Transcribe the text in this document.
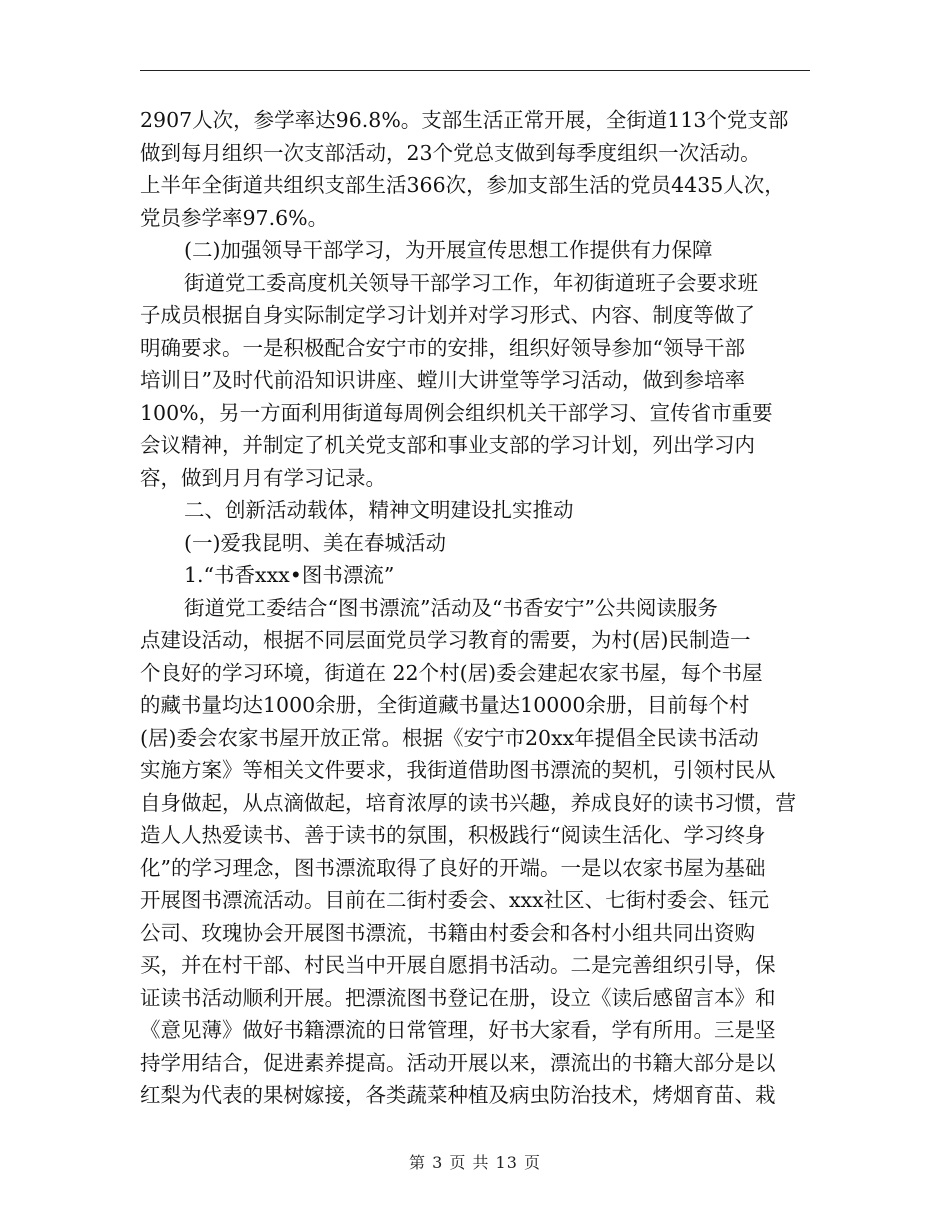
2907人次，参学率达96.8%。支部生活正常开展，全街道113个党支部
做到每月组织一次支部活动，23个党总支做到每季度组织一次活动。
上半年全街道共组织支部生活366次，参加支部生活的党员4435人次，
党员参学率97.6%。
(二)加强领导干部学习，为开展宣传思想工作提供有力保障
街道党工委高度机关领导干部学习工作，年初街道班子会要求班
子成员根据自身实际制定学习计划并对学习形式、内容、制度等做了
明确要求。一是积极配合安宁市的安排，组织好领导参加“领导干部
培训日”及时代前沿知识讲座、螳川大讲堂等学习活动，做到参培率
100%，另一方面利用街道每周例会组织机关干部学习、宣传省市重要
会议精神，并制定了机关党支部和事业支部的学习计划，列出学习内
容，做到月月有学习记录。
二、创新活动载体，精神文明建设扎实推动
(一)爱我昆明、美在春城活动
1.“书香xxx•图书漂流”
街道党工委结合“图书漂流”活动及“书香安宁”公共阅读服务
点建设活动，根据不同层面党员学习教育的需要，为村(居)民制造一
个良好的学习环境，街道在 22个村(居)委会建起农家书屋，每个书屋
的藏书量均达1000余册，全街道藏书量达10000余册，目前每个村
(居)委会农家书屋开放正常。根据《安宁市20xx年提倡全民读书活动
实施方案》等相关文件要求，我街道借助图书漂流的契机，引领村民从
自身做起，从点滴做起，培育浓厚的读书兴趣，养成良好的读书习惯，营
造人人热爱读书、善于读书的氛围，积极践行“阅读生活化、学习终身
化”的学习理念，图书漂流取得了良好的开端。一是以农家书屋为基础
开展图书漂流活动。目前在二街村委会、xxx社区、七街村委会、钰元
公司、玫瑰协会开展图书漂流，书籍由村委会和各村小组共同出资购
买，并在村干部、村民当中开展自愿捐书活动。二是完善组织引导，保
证读书活动顺利开展。把漂流图书登记在册，设立《读后感留言本》和
《意见薄》做好书籍漂流的日常管理，好书大家看，学有所用。三是坚
持学用结合，促进素养提高。活动开展以来，漂流出的书籍大部分是以
红梨为代表的果树嫁接，各类蔬菜种植及病虫防治技术，烤烟育苗、栽
第 3 页 共 13 页
